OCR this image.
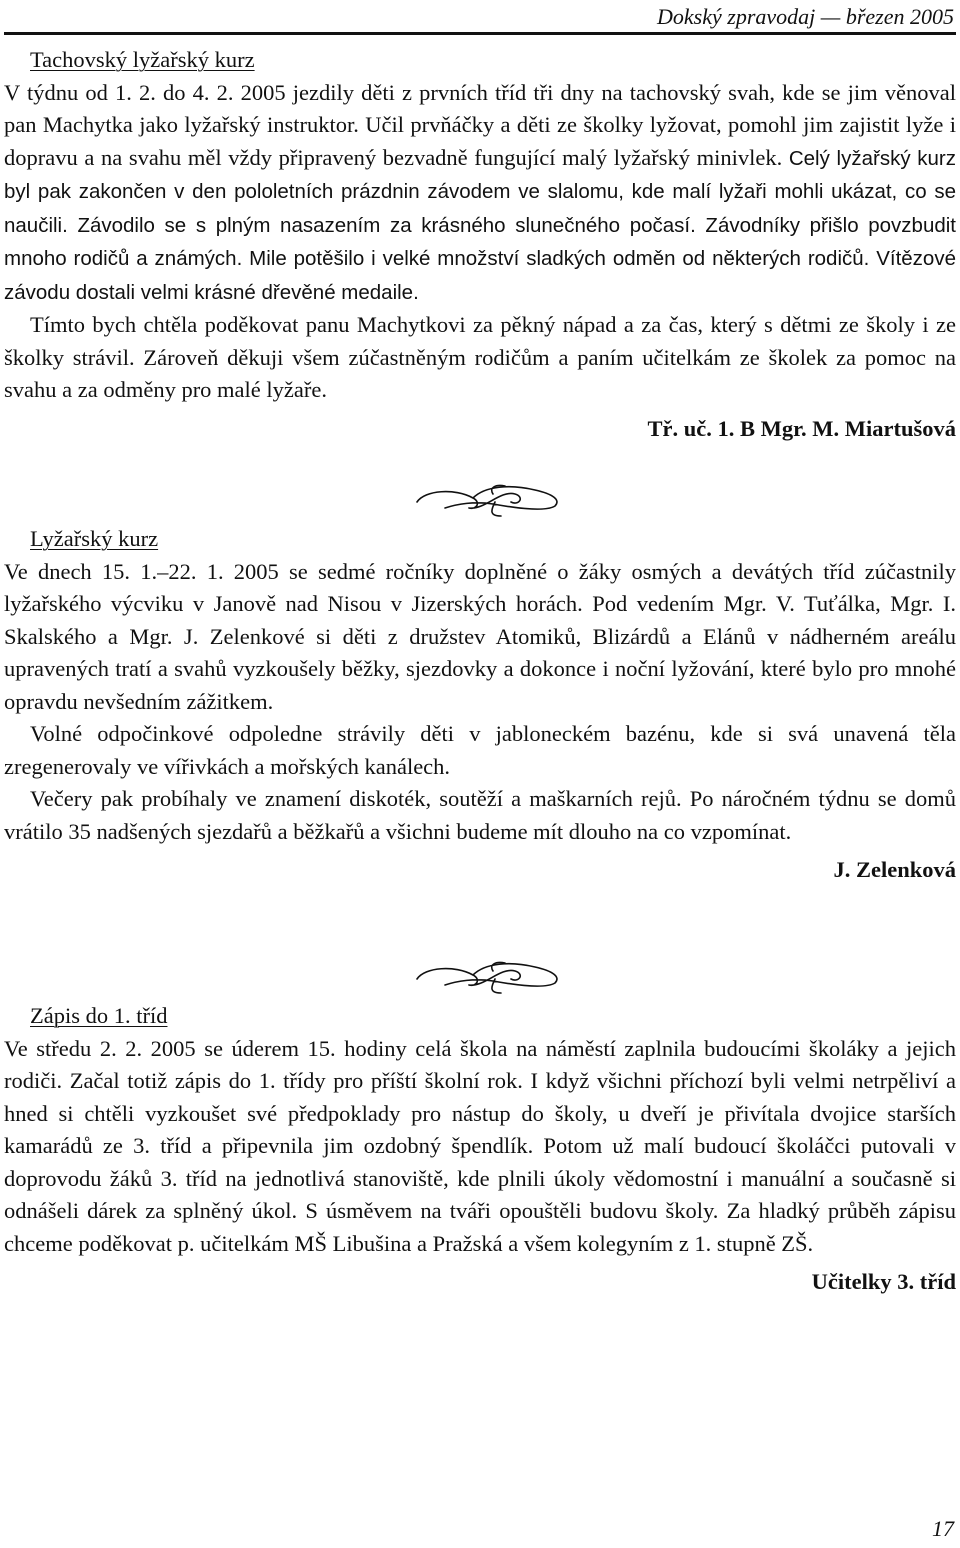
Dokský zpravodaj — březen 2005

Tachovský lyžařský kurz

V týdnu od 1. 2. do 4. 2. 2005 jezdily děti z prvních tříd tři dny na tachovský svah, kde se jim věnoval pan Machytka jako lyžařský instruktor. Učil prvňáčky a děti ze školky lyžovat, pomohl jim zajistit lyže i dopravu a na svahu měl vždy připravený bezvadně fungující malý lyžařský minivlek. Celý lyžařský kurz byl pak zakončen v den pololetních prázdnin závodem ve slalomu, kde malí lyžaři mohli ukázat, co se naučili. Závodilo se s plným nasazením za krásného slunečného počasí. Závodníky přišlo povzbudit mnoho rodičů a známých. Mile potěšilo i velké množství sladkých odměn od některých rodičů. Vítězové závodu dostali velmi krásné dřevěné medaile.

Tímto bych chtěla poděkovat panu Machytkovi za pěkný nápad a za čas, který s dětmi ze školy i ze školky strávil. Zároveň děkuji všem zúčastněným rodičům a paním učitelkám ze školek za pomoc na svahu a za odměny pro malé lyžaře.

Tř. uč. 1. B Mgr. M. Miartušová

Lyžařský kurz

Ve dnech 15. 1.–22. 1. 2005 se sedmé ročníky doplněné o žáky osmých a devátých tříd zúčastnily lyžařského výcviku v Janově nad Nisou v Jizerských horách. Pod vedením Mgr. V. Tuťálka, Mgr. I. Skalského a Mgr. J. Zelenkové si děti z družstev Atomiků, Blizárdů a Elánů v nádherném areálu upravených tratí a svahů vyzkoušely běžky, sjezdovky a dokonce i noční lyžování, které bylo pro mnohé opravdu nevšedním zážitkem.

Volné odpočinkové odpoledne strávily děti v jabloneckém bazénu, kde si svá unavená těla zregenerovaly ve vířivkách a mořských kanálech.

Večery pak probíhaly ve znamení diskoték, soutěží a maškarních rejů. Po náročném týdnu se domů vrátilo 35 nadšených sjezdařů a běžkařů a všichni budeme mít dlouho na co vzpomínat.

J. Zelenková

Zápis do 1. tříd

Ve středu 2. 2. 2005 se úderem 15. hodiny celá škola na náměstí zaplnila budoucími školáky a jejich rodiči. Začal totiž zápis do 1. třídy pro příští školní rok. I když všichni příchozí byli velmi netrpěliví a hned si chtěli vyzkoušet své předpoklady pro nástup do školy, u dveří je přivítala dvojice starších kamarádů ze 3. tříd a připevnila jim ozdobný špendlík. Potom už malí budoucí školáčci putovali v doprovodu žáků 3. tříd na jednotlivá stanoviště, kde plnili úkoly vědomostní i manuální a současně si odnášeli dárek za splněný úkol. S úsměvem na tváři opouštěli budovu školy. Za hladký průběh zápisu chceme poděkovat p. učitelkám MŠ Libušina a Pražská a všem kolegyním z 1. stupně ZŠ.

Učitelky 3. tříd

17
